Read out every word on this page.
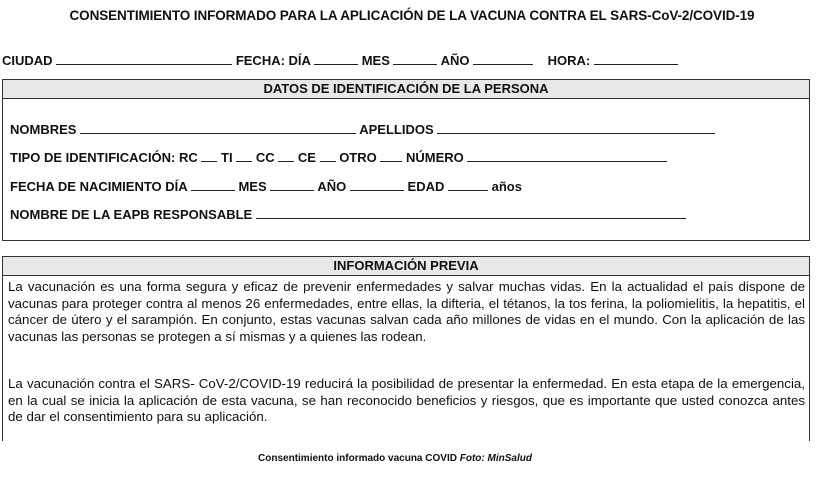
CONSENTIMIENTO INFORMADO PARA LA APLICACIÓN DE LA VACUNA CONTRA EL SARS-CoV-2/COVID-19
CIUDAD	FECHA: DÍA	MES	AÑO	HORA:
DATOS DE IDENTIFICACIÓN DE LA PERSONA
NOMBRES	APELLIDOS
TIPO DE IDENTIFICACIÓN: RC TI CC CE OTRO NÚMERO
FECHA DE NACIMIENTO DÍA	MES	AÑO	EDAD	años
NOMBRE DE LA EAPB RESPONSABLE
INFORMACIÓN PREVIA
La vacunación es una forma segura y eficaz de prevenir enfermedades y salvar muchas vidas. En la actualidad el país dispone de vacunas para proteger contra al menos 26 enfermedades, entre ellas, la difteria, el tétanos, la tos ferina, la poliomielitis, la hepatitis, el cáncer de útero y el sarampión. En conjunto, estas vacunas salvan cada año millones de vidas en el mundo. Con la aplicación de las vacunas las personas se protegen a sí mismas y a quienes las rodean.
La vacunación contra el SARS- CoV-2/COVID-19 reducirá la posibilidad de presentar la enfermedad. En esta etapa de la emergencia, en la cual se inicia la aplicación de esta vacuna, se han reconocido beneficios y riesgos, que es importante que usted conozca antes de dar el consentimiento para su aplicación.
Consentimiento informado vacuna COVID Foto: MinSalud
